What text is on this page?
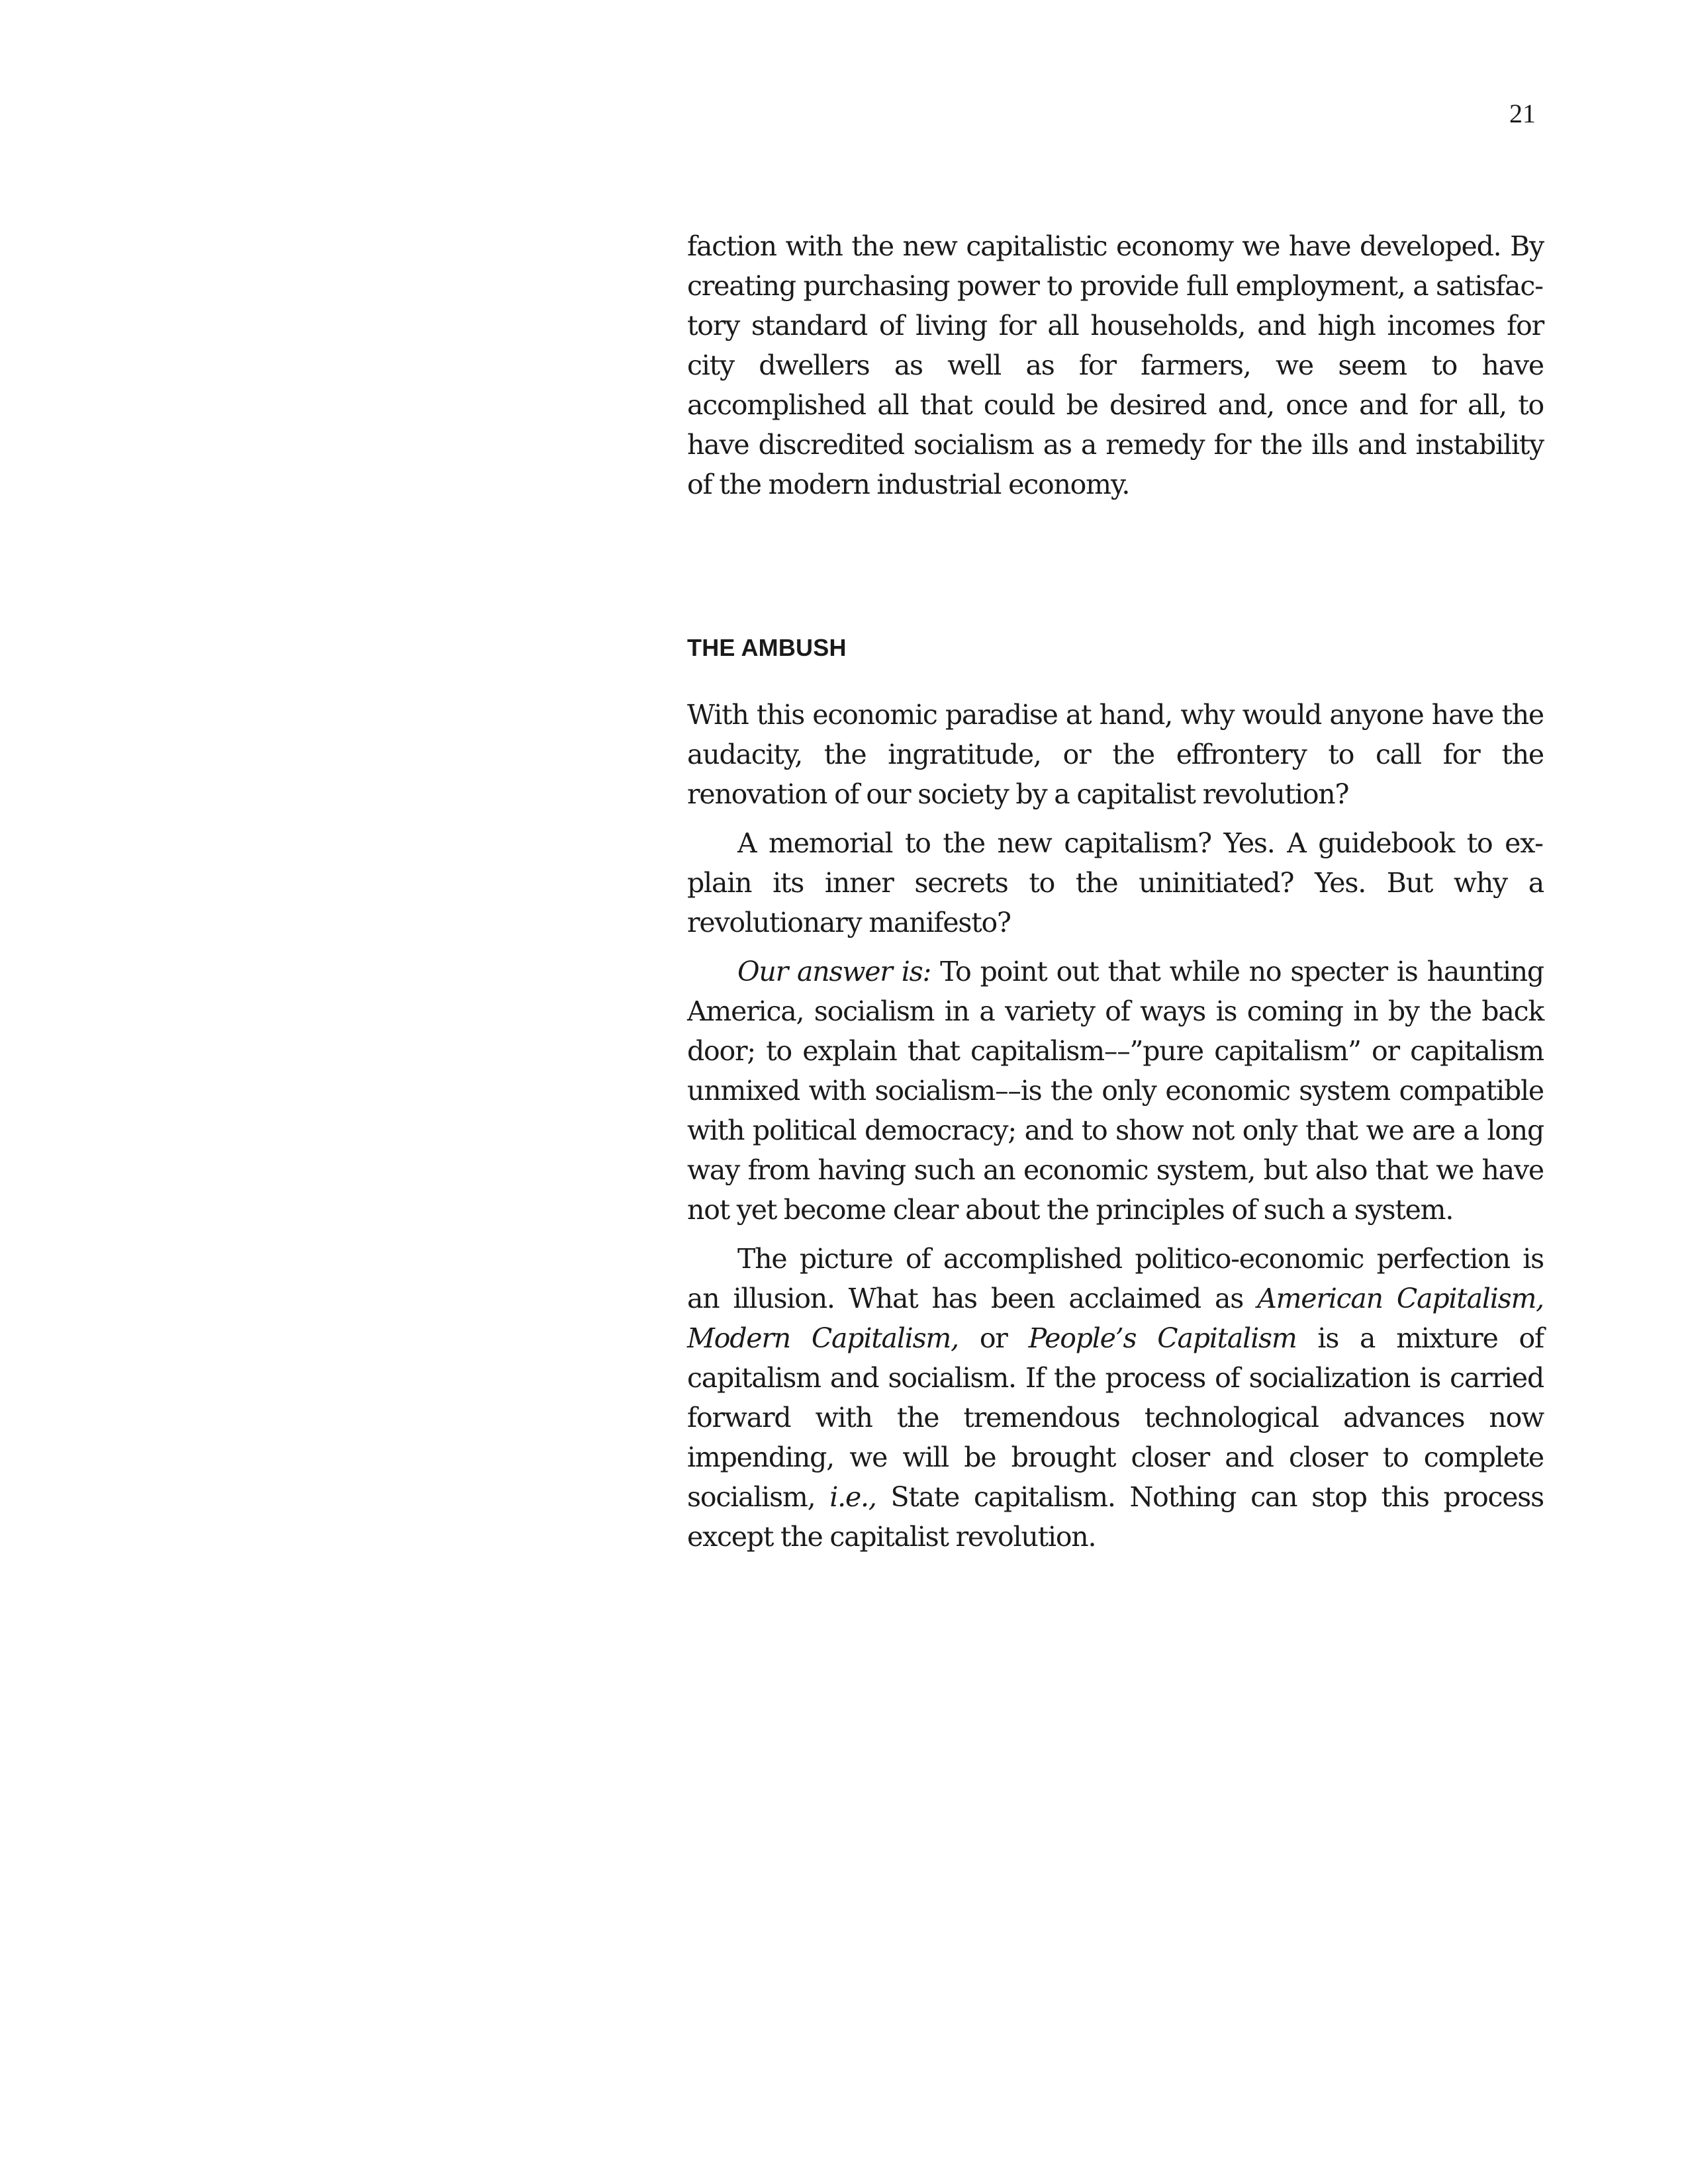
21

faction with the new capitalistic economy we have developed. By creating purchasing power to provide full employment, a satisfactory standard of living for all households, and high incomes for city dwellers as well as for farmers, we seem to have accomplished all that could be desired and, once and for all, to have discredited socialism as a remedy for the ills and instability of the modern industrial economy.

THE AMBUSH

With this economic paradise at hand, why would anyone have the audacity, the ingratitude, or the effrontery to call for the renovation of our society by a capitalist revolution?

A memorial to the new capitalism? Yes. A guidebook to explain its inner secrets to the uninitiated? Yes. But why a revolutionary manifesto?

Our answer is: To point out that while no specter is haunting America, socialism in a variety of ways is coming in by the back door; to explain that capitalism––”pure capitalism” or capitalism unmixed with socialism––is the only economic system compatible with political democracy; and to show not only that we are a long way from having such an economic system, but also that we have not yet become clear about the principles of such a system.

The picture of accomplished politico-economic perfection is an illusion. What has been acclaimed as American Capitalism, Modern Capitalism, or People’s Capitalism is a mixture of capitalism and socialism. If the process of socialization is carried forward with the tremendous technological advances now impending, we will be brought closer and closer to complete socialism, i.e., State capitalism. Nothing can stop this process except the capitalist revolution.
